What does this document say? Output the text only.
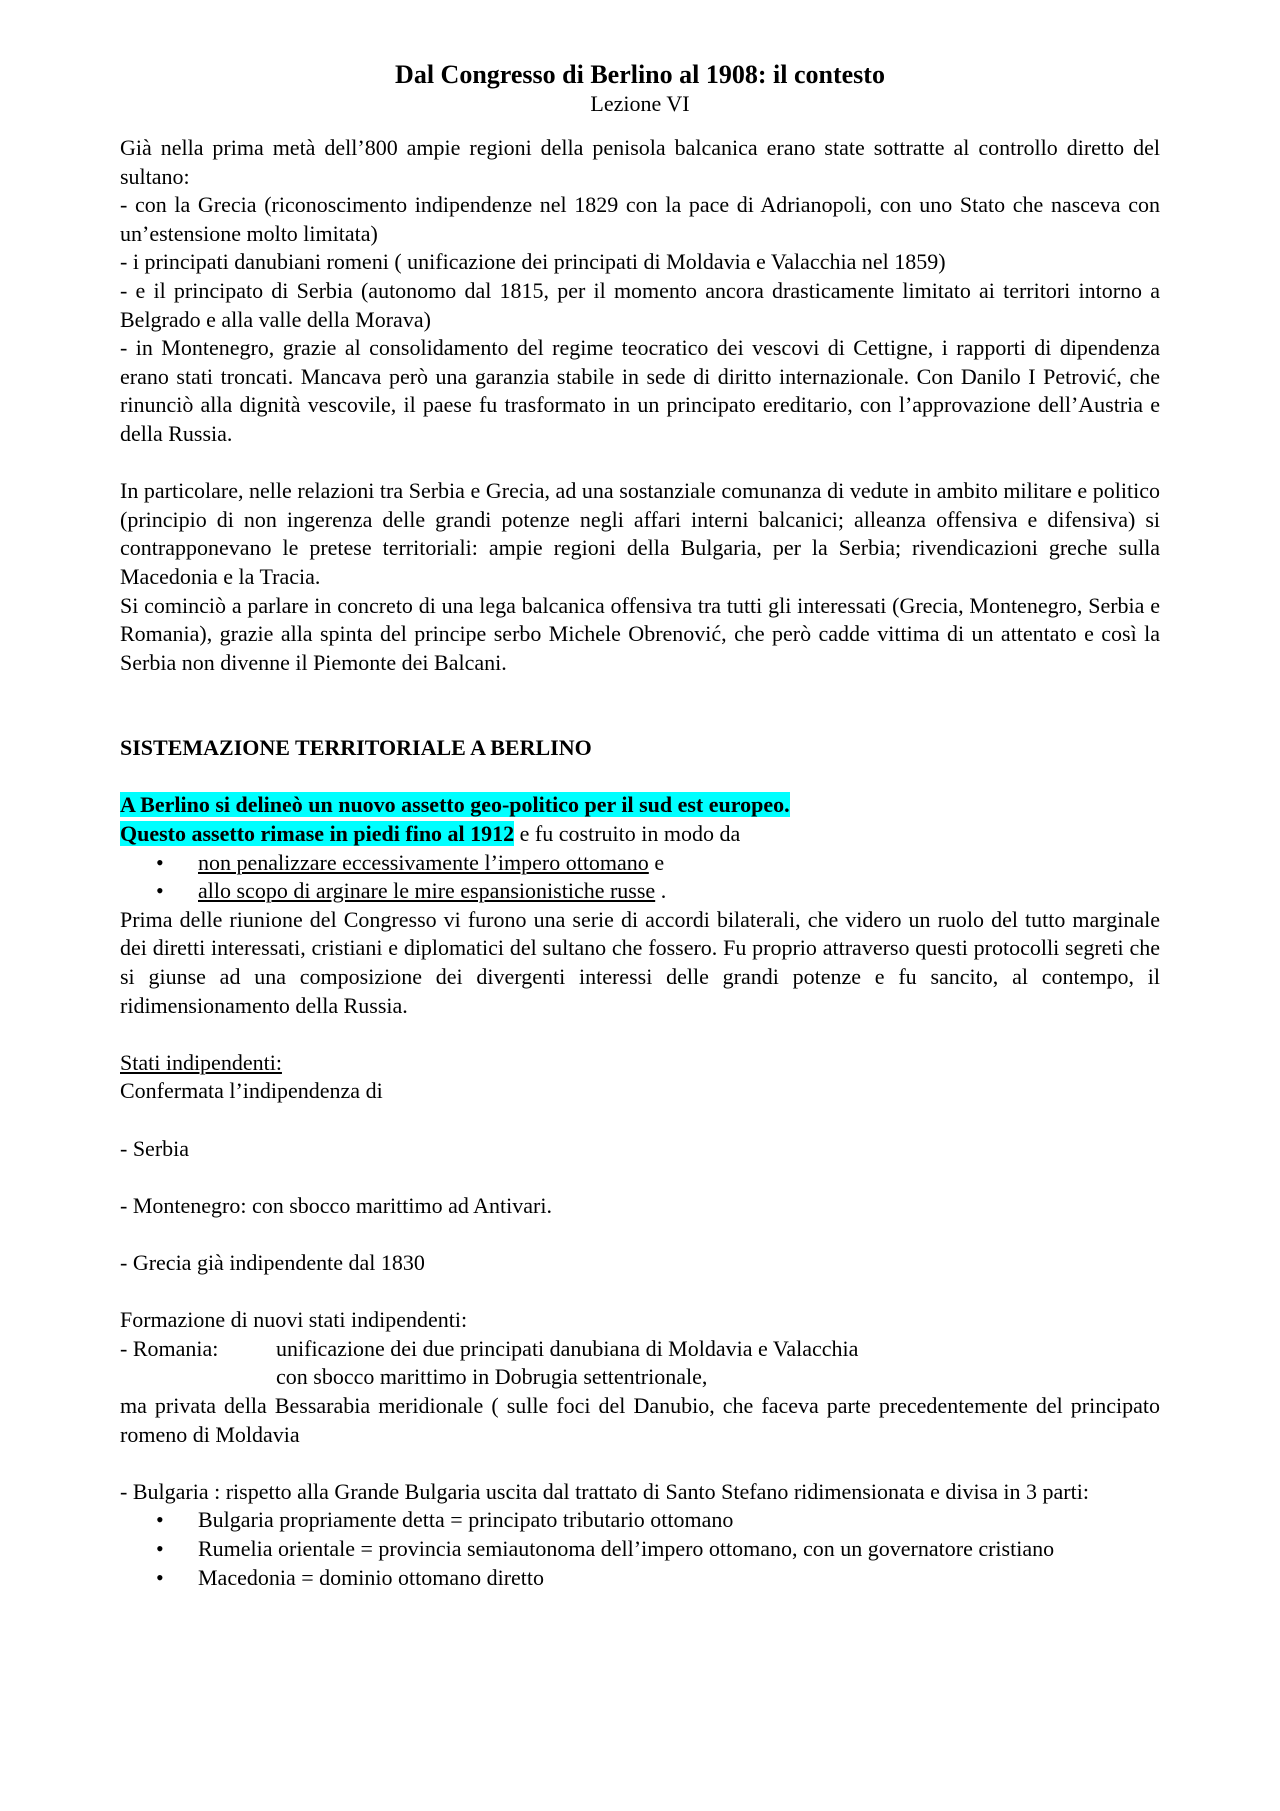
Dal Congresso di Berlino al 1908: il contesto
Lezione VI

Già nella prima metà dell’800 ampie regioni della penisola balcanica erano state sottratte al controllo diretto del sultano:

- con la Grecia (riconoscimento indipendenze nel 1829 con la pace di Adrianopoli, con uno Stato che nasceva con un’estensione molto limitata)

- i principati danubiani romeni ( unificazione dei principati di Moldavia e Valacchia nel 1859)

- e il principato di Serbia (autonomo dal 1815, per il momento ancora drasticamente limitato ai territori intorno a Belgrado e alla valle della Morava)

- in Montenegro, grazie al consolidamento del regime teocratico dei vescovi di Cettigne, i rapporti di dipendenza erano stati troncati. Mancava però una garanzia stabile in sede di diritto internazionale. Con Danilo I Petrović, che rinunciò alla dignità vescovile, il paese fu trasformato in un principato ereditario, con l’approvazione dell’Austria e della Russia.

In particolare, nelle relazioni tra Serbia e Grecia, ad una sostanziale comunanza di vedute in ambito militare e politico (principio di non ingerenza delle grandi potenze negli affari interni balcanici; alleanza offensiva e difensiva) si contrapponevano le pretese territoriali: ampie regioni della Bulgaria, per la Serbia; rivendicazioni greche sulla Macedonia e la Tracia.

Si cominciò a parlare in concreto di una lega balcanica offensiva tra tutti gli interessati (Grecia, Montenegro, Serbia e Romania), grazie alla spinta del principe serbo Michele Obrenović, che però cadde vittima di un attentato e così la Serbia non divenne il Piemonte dei Balcani.

SISTEMAZIONE TERRITORIALE A BERLINO

A Berlino si delineò un nuovo assetto geo-politico per il sud est europeo.

Questo assetto rimase in piedi fino al 1912 e fu costruito in modo da

• non penalizzare eccessivamente l’impero ottomano e
• allo scopo di arginare le mire espansionistiche russe .

Prima delle riunione del Congresso vi furono una serie di accordi bilaterali, che videro un ruolo del tutto marginale dei diretti interessati, cristiani e diplomatici del sultano che fossero. Fu proprio attraverso questi protocolli segreti che si giunse ad una composizione dei divergenti interessi delle grandi potenze e fu sancito, al contempo, il ridimensionamento della Russia.

Stati indipendenti:

Confermata l’indipendenza di

- Serbia

- Montenegro: con sbocco marittimo ad Antivari.

- Grecia già indipendente dal 1830

Formazione di nuovi stati indipendenti:

- Romania:	unificazione dei due principati danubiana di Moldavia e Valacchia

con sbocco marittimo in Dobrugia settentrionale,

ma privata della Bessarabia meridionale ( sulle foci del Danubio, che faceva parte precedentemente del principato romeno di Moldavia

- Bulgaria : rispetto alla Grande Bulgaria uscita dal trattato di Santo Stefano ridimensionata e divisa in 3 parti:

• Bulgaria propriamente detta = principato tributario ottomano
• Rumelia orientale = provincia semiautonoma dell’impero ottomano, con un governatore cristiano
• Macedonia = dominio ottomano diretto
